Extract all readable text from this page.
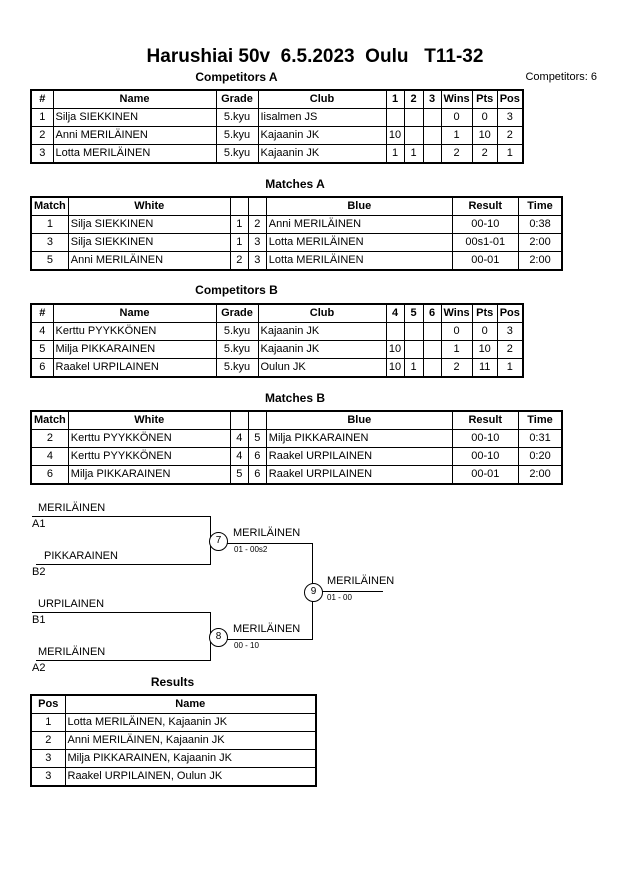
Harushiai 50v  6.5.2023  Oulu   T11-32
Competitors A	Competitors: 6
#	Name	Grade	Club	1	2	3	Wins	Pts	Pos
1	Silja SIEKKINEN	5.kyu	Iisalmen JS				0	0	3
2	Anni MERILÄINEN	5.kyu	Kajaanin JK	10			1	10	2
3	Lotta MERILÄINEN	5.kyu	Kajaanin JK	1	1		2	2	1
Matches A
Match	White			Blue	Result	Time
1	Silja SIEKKINEN	1	2	Anni MERILÄINEN	00-10	0:38
3	Silja SIEKKINEN	1	3	Lotta MERILÄINEN	00s1-01	2:00
5	Anni MERILÄINEN	2	3	Lotta MERILÄINEN	00-01	2:00
Competitors B
#	Name	Grade	Club	4	5	6	Wins	Pts	Pos
4	Kerttu PYYKKÖNEN	5.kyu	Kajaanin JK				0	0	3
5	Milja PIKKARAINEN	5.kyu	Kajaanin JK	10			1	10	2
6	Raakel URPILAINEN	5.kyu	Oulun JK	10	1		2	11	1
Matches B
Match	White			Blue	Result	Time
2	Kerttu PYYKKÖNEN	4	5	Milja PIKKARAINEN	00-10	0:31
4	Kerttu PYYKKÖNEN	4	6	Raakel URPILAINEN	00-10	0:20
6	Milja PIKKARAINEN	5	6	Raakel URPILAINEN	00-01	2:00
MERILÄINEN
A1
PIKKARAINEN
B2
7
MERILÄINEN
01 - 00s2
URPILAINEN
B1
MERILÄINEN
A2
8
MERILÄINEN
00 - 10
9
MERILÄINEN
01 - 00
Results
Pos	Name
1	Lotta MERILÄINEN, Kajaanin JK
2	Anni MERILÄINEN, Kajaanin JK
3	Milja PIKKARAINEN, Kajaanin JK
3	Raakel URPILAINEN, Oulun JK
